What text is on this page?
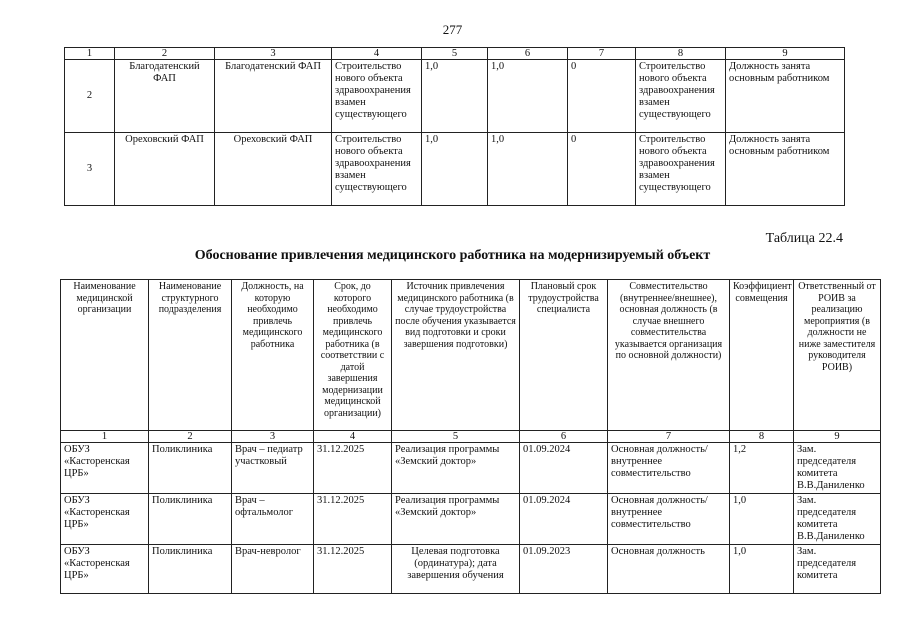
277
1	2	3	4	5	6	7	8	9
2	Благодатенский ФАП	Благодатенский ФАП	Строительство нового объекта здравоохранения взамен существующего	1,0	1,0	0	Строительство нового объекта здравоохранения взамен существующего	Должность занята основным работником
3	Ореховский ФАП	Ореховский ФАП	Строительство нового объекта здравоохранения взамен существующего	1,0	1,0	0	Строительство нового объекта здравоохранения взамен существующего	Должность занята основным работником
Таблица 22.4
Обоснование привлечения медицинского работника на модернизируемый объект
Наименование медицинской организации	Наименование структурного подразделения	Должность, на которую необходимо привлечь медицинского работника	Срок, до которого необходимо привлечь медицинского работника (в соответствии с датой завершения модернизации медицинской организации)	Источник привлечения медицинского работника (в случае трудоустройства после обучения указывается вид подготовки и сроки завершения подготовки)	Плановый срок трудоустройства специалиста	Совместительство (внутреннее/внешнее), основная должность (в случае внешнего совместительства указывается организация по основной должности)	Коэффициент совмещения	Ответственный от РОИВ за реализацию мероприятия (в должности не ниже заместителя руководителя РОИВ)
1	2	3	4	5	6	7	8	9
ОБУЗ «Касторенская ЦРБ»	Поликлиника	Врач – педиатр участковый	31.12.2025	Реализация программы «Земский доктор»	01.09.2024	Основная должность/внутреннее совместительство	1,2	Зам. председателя комитета В.В.Даниленко
ОБУЗ «Касторенская ЦРБ»	Поликлиника	Врач – офтальмолог	31.12.2025	Реализация программы «Земский доктор»	01.09.2024	Основная должность/внутреннее совместительство	1,0	Зам. председателя комитета В.В.Даниленко
ОБУЗ «Касторенская ЦРБ»	Поликлиника	Врач-невролог	31.12.2025	Целевая подготовка (ординатура); дата завершения обучения	01.09.2023	Основная должность	1,0	Зам. председателя комитета
